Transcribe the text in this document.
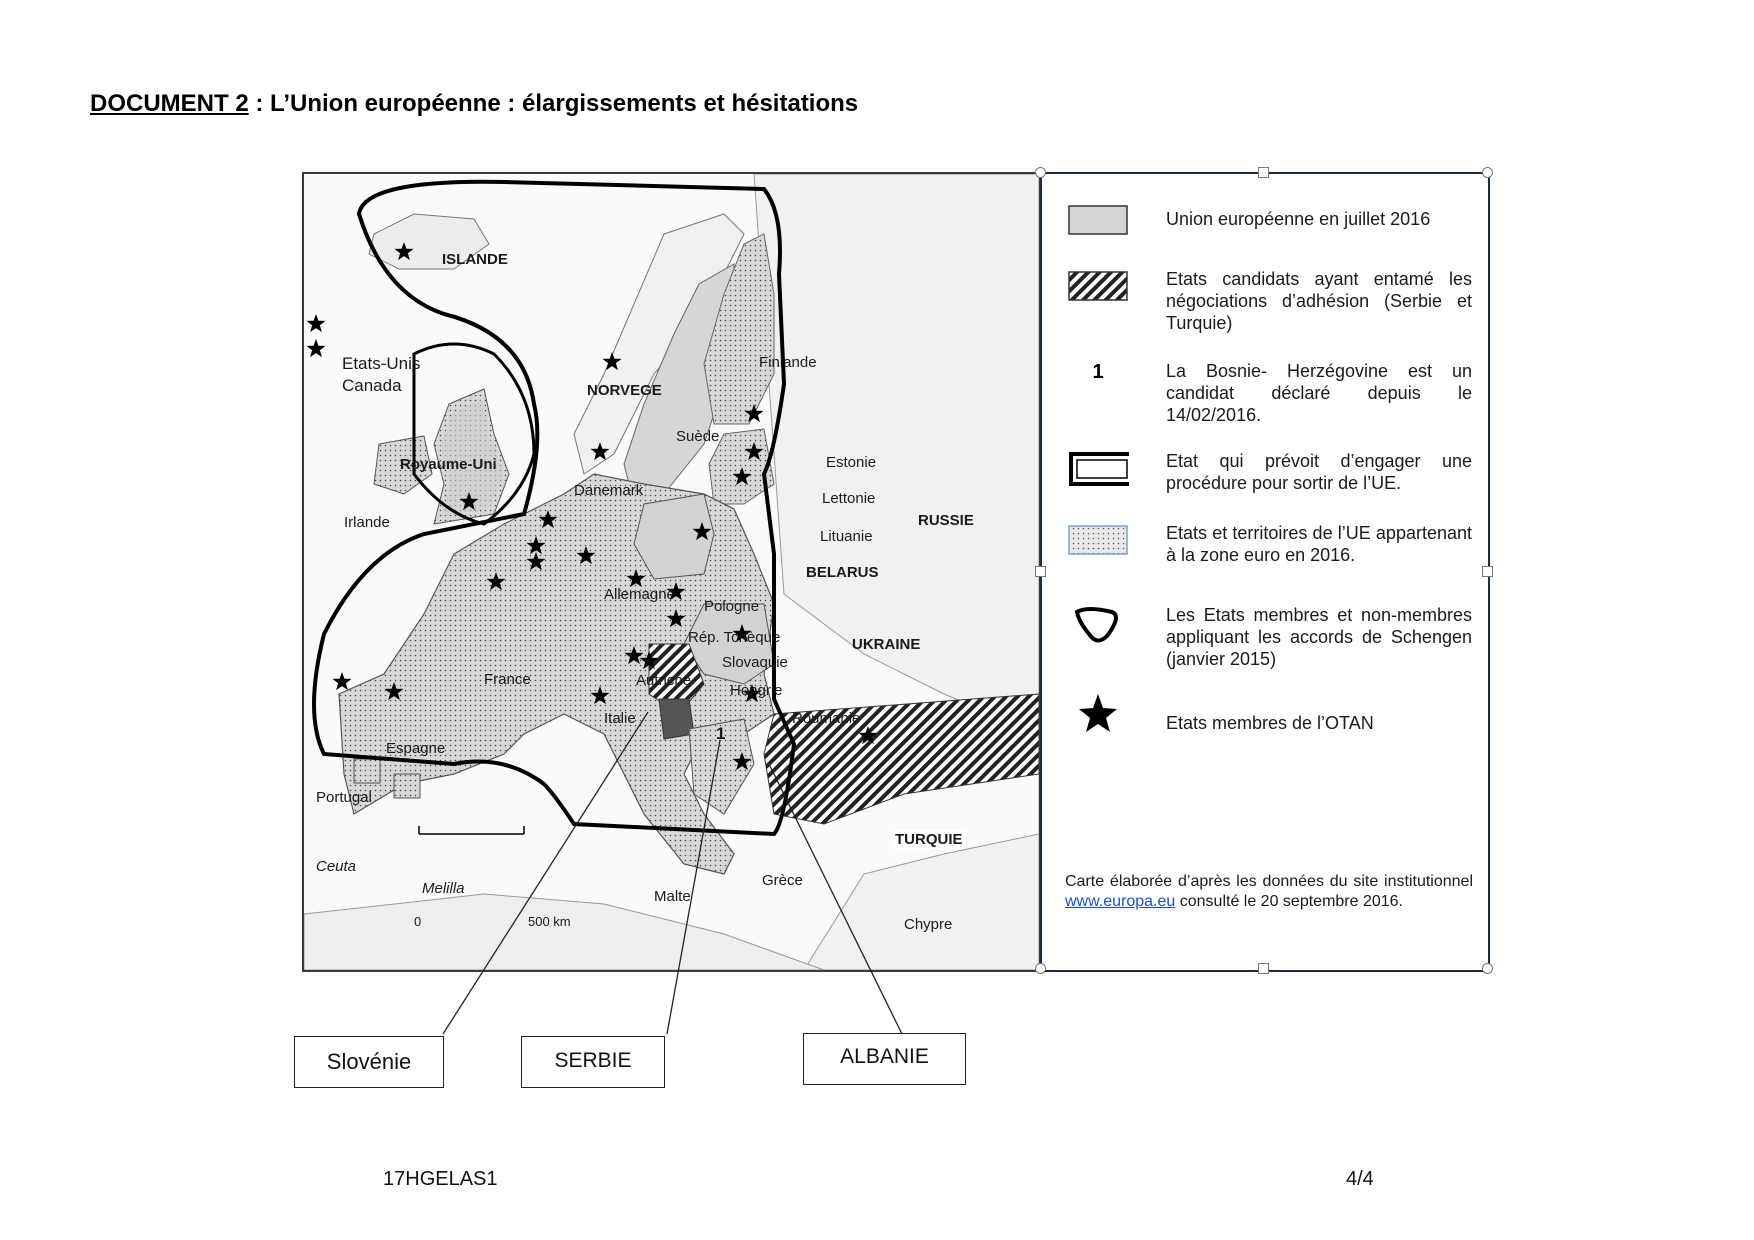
DOCUMENT 2 : L’Union européenne : élargissements et hésitations
ISLANDE
Etats-Unis
Canada	NORVEGE
Finlande
Suède
Royaume-Uni
Danemark
Irlande
Estonie
Lettonie
Lituanie
RUSSIE
BELARUS
Allemagne
Pologne
Rép. Tchèque	UKRAINE
Slovaquie
France	Autriche
Hongrie
Italie	Roumanie
1
Espagne
Portugal
TURQUIE
Ceuta
Melilla	Grèce
Malte
Chypre
0	500 km
Union européenne en juillet 2016
Etats candidats ayant entamé les négociations d’adhésion (Serbie et Turquie)
1	La Bosnie- Herzégovine est un candidat déclaré depuis le 14/02/2016.
Etat qui prévoit d’engager une procédure pour sortir de l’UE.
Etats et territoires de l’UE appartenant à la zone euro en 2016.
Les Etats membres et non-membres appliquant les accords de Schengen (janvier 2015)
Etats membres de l’OTAN
Carte élaborée d’après les données du site institutionnel www.europa.eu consulté le 20 septembre 2016.
Slovénie	SERBIE	ALBANIE
17HGELAS1	4/4
